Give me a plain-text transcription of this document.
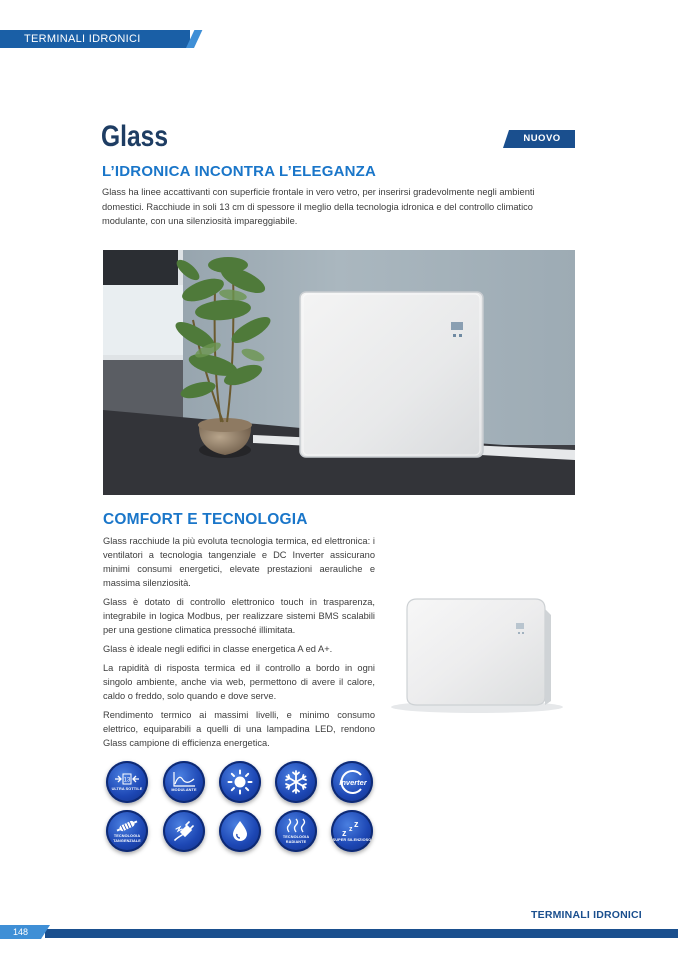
TERMINALI IDRONICI
Glass	NUOVO
L’IDRONICA INCONTRA L’ELEGANZA
Glass ha linee accattivanti con superficie frontale in vero vetro, per inserirsi gradevolmente negli ambienti domestici. Racchiude in soli 13 cm di spessore il meglio della tecnologia idronica e del controllo climatico modulante, con una silenziosità impareggiabile.
COMFORT E TECNOLOGIA

Glass racchiude la più evoluta tecnologia termica, ed elettronica: i ventilatori a tecnologia tangenziale e DC Inverter assicurano minimi consumi energetici, elevate prestazioni aerauliche e massima silenziosità.

Glass è dotato di controllo elettronico touch in trasparenza, integrabile in logica Modbus, per realizzare sistemi BMS scalabili per una gestione climatica pressoché illimitata.

Glass è ideale negli edifici in classe energetica A ed A+.

La rapidità di risposta termica ed il controllo a bordo in ogni singolo ambiente, anche via web, permettono di avere il calore, caldo o freddo, solo quando e dove serve.

Rendimento termico ai massimi livelli, e minimo consumo elettrico, equiparabili a quelli di una lampadina LED, rendono Glass campione di efficienza energetica.

13
ULTRA SOTTILE	MODULANTE
Inverter
TECNOLOGIA TANGENZIALE
TECNOLOGIA RADIANTE
z z
z
SUPER SILENZIOSO
TERMINALI IDRONICI
148
